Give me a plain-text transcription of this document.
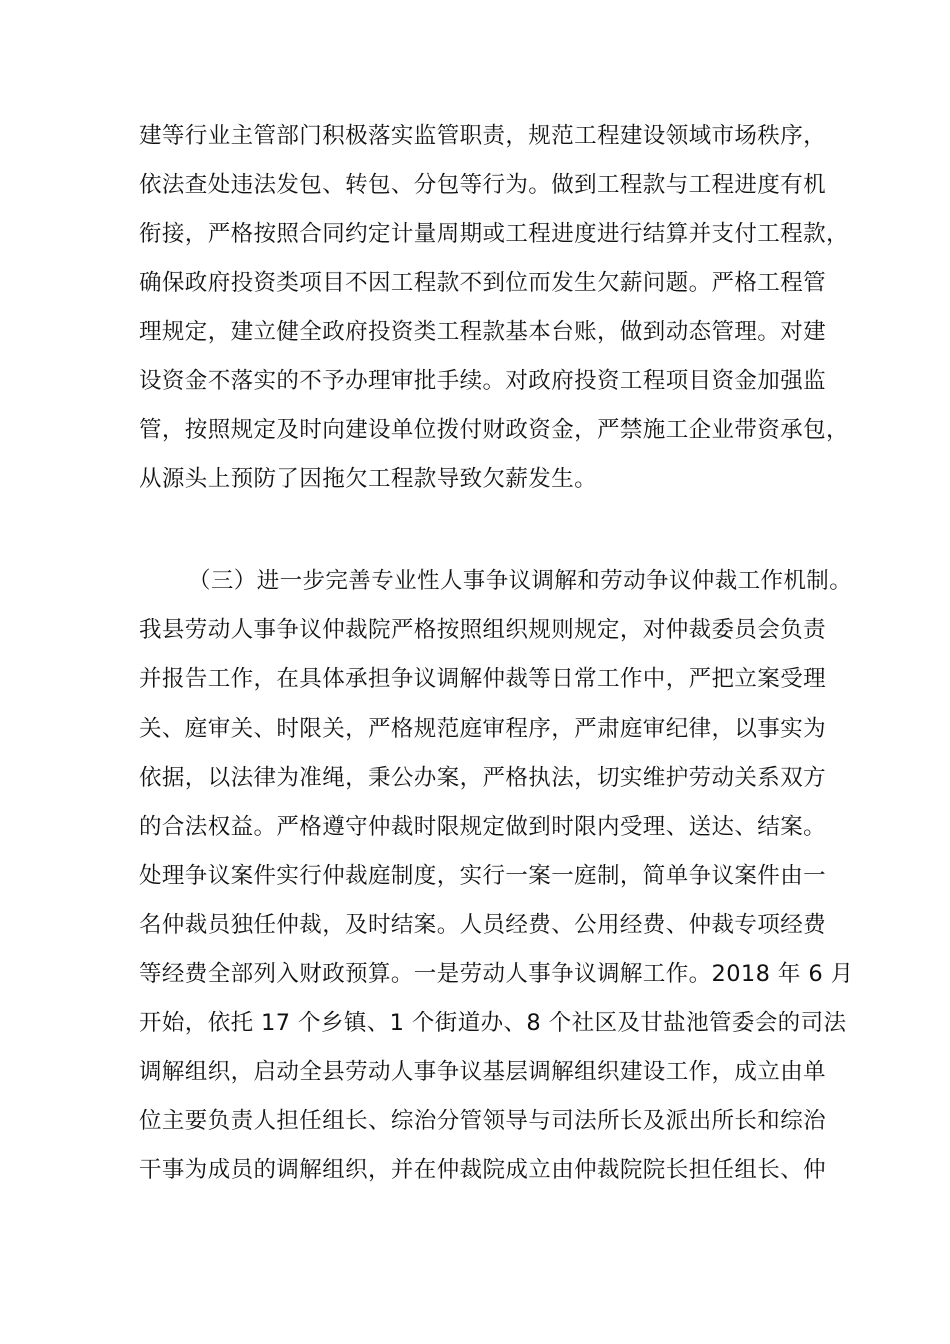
建等行业主管部门积极落实监管职责，规范工程建设领域市场秩序，
依法查处违法发包、转包、分包等行为。做到工程款与工程进度有机
衔接，严格按照合同约定计量周期或工程进度进行结算并支付工程款，
确保政府投资类项目不因工程款不到位而发生欠薪问题。严格工程管
理规定，建立健全政府投资类工程款基本台账，做到动态管理。对建
设资金不落实的不予办理审批手续。对政府投资工程项目资金加强监
管，按照规定及时向建设单位拨付财政资金，严禁施工企业带资承包，
从源头上预防了因拖欠工程款导致欠薪发生。
（三）进一步完善专业性人事争议调解和劳动争议仲裁工作机制。
我县劳动人事争议仲裁院严格按照组织规则规定，对仲裁委员会负责
并报告工作，在具体承担争议调解仲裁等日常工作中，严把立案受理
关、庭审关、时限关，严格规范庭审程序，严肃庭审纪律，以事实为
依据，以法律为准绳，秉公办案，严格执法，切实维护劳动关系双方
的合法权益。严格遵守仲裁时限规定做到时限内受理、送达、结案。
处理争议案件实行仲裁庭制度，实行一案一庭制，简单争议案件由一
名仲裁员独任仲裁，及时结案。人员经费、公用经费、仲裁专项经费
等经费全部列入财政预算。一是劳动人事争议调解工作。2018 年 6 月
开始，依托 17 个乡镇、1 个街道办、8 个社区及甘盐池管委会的司法
调解组织，启动全县劳动人事争议基层调解组织建设工作，成立由单
位主要负责人担任组长、综治分管领导与司法所长及派出所长和综治
干事为成员的调解组织，并在仲裁院成立由仲裁院院长担任组长、仲
